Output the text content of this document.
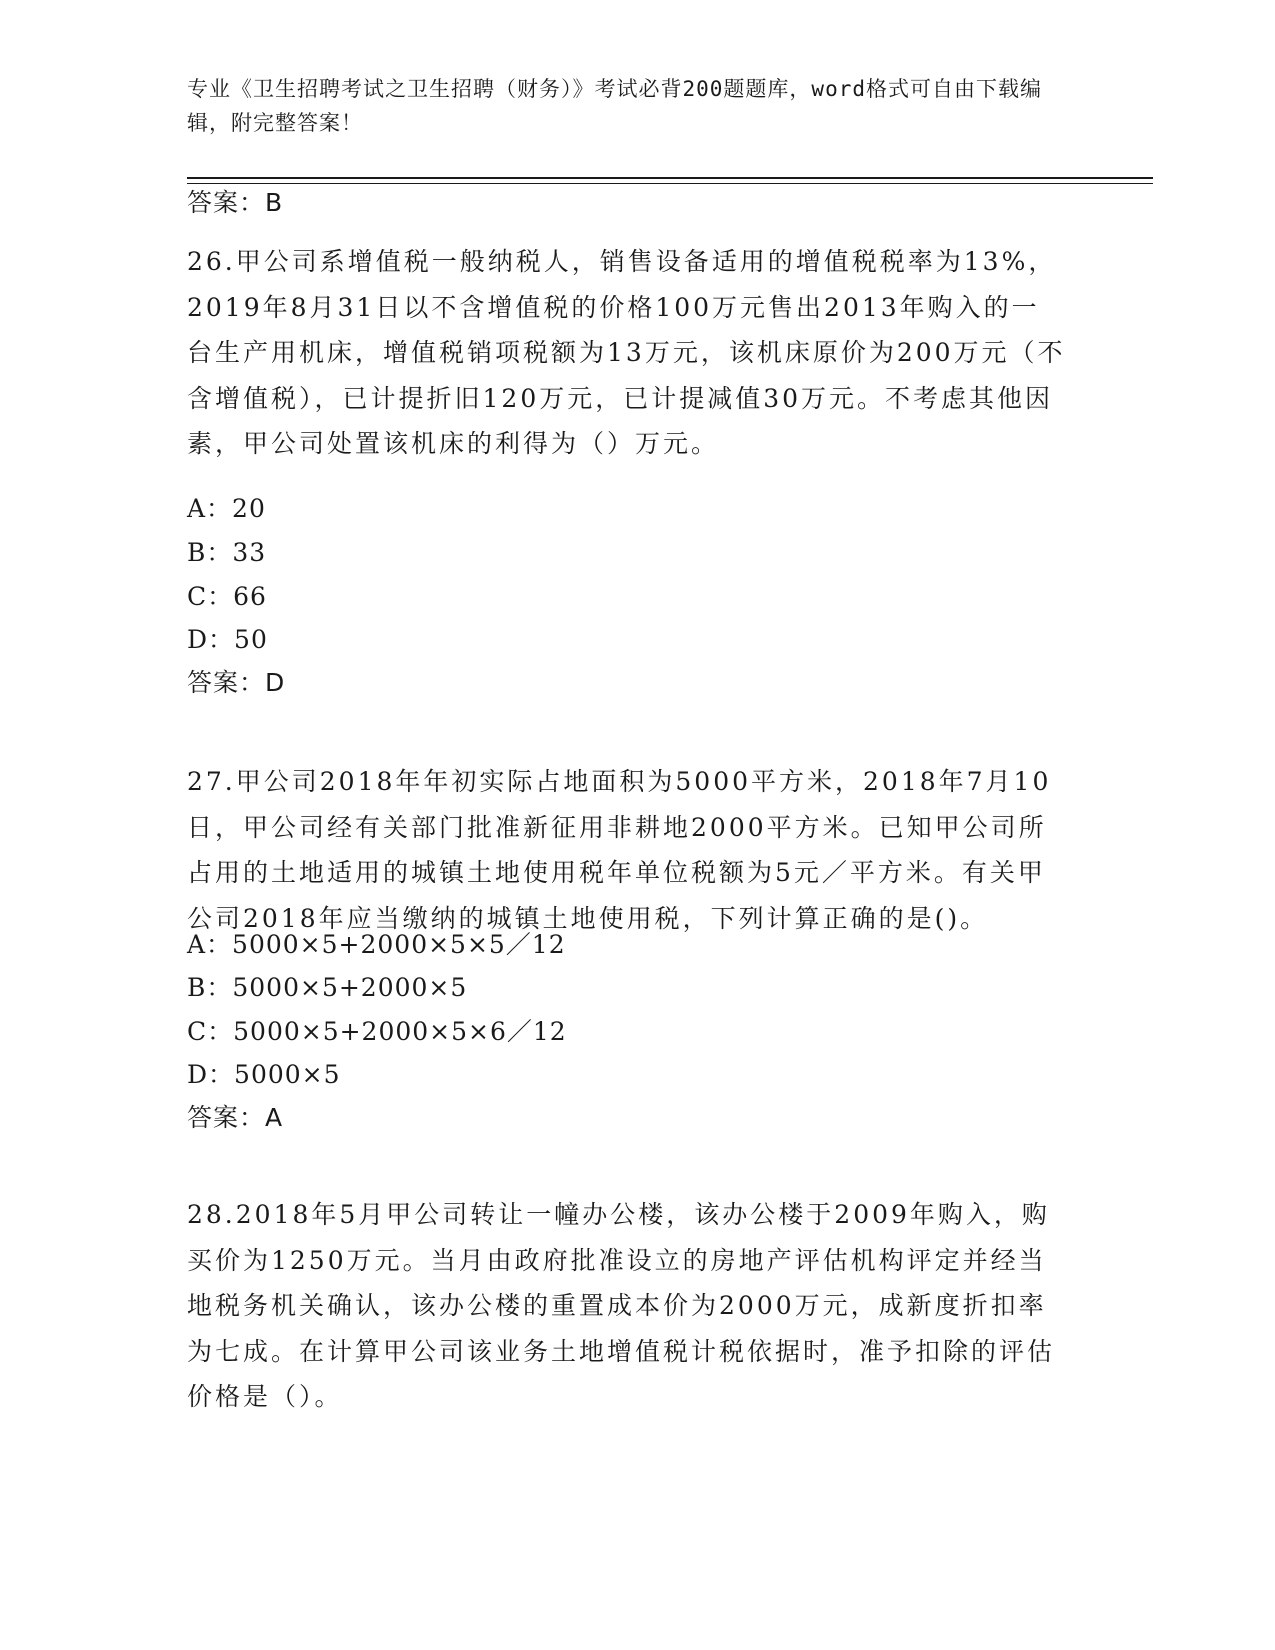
专业《卫生招聘考试之卫生招聘（财务）》考试必背200题题库，word格式可自由下载编辑，附完整答案！
答案：B
26.甲公司系增值税一般纳税人，销售设备适用的增值税税率为13%，2019年8月31日以不含增值税的价格100万元售出2013年购入的一台生产用机床，增值税销项税额为13万元，该机床原价为200万元（不含增值税），已计提折旧120万元，已计提减值30万元。不考虑其他因素，甲公司处置该机床的利得为（）万元。
A：20
B：33
C：66
D：50
答案：D
27.甲公司2018年年初实际占地面积为5000平方米，2018年7月10日，甲公司经有关部门批准新征用非耕地2000平方米。已知甲公司所占用的土地适用的城镇土地使用税年单位税额为5元／平方米。有关甲公司2018年应当缴纳的城镇土地使用税，下列计算正确的是()。
A：5000×5+2000×5×5／12
B：5000×5+2000×5
C：5000×5+2000×5×6／12
D：5000×5
答案：A
28.2018年5月甲公司转让一幢办公楼，该办公楼于2009年购入，购买价为1250万元。当月由政府批准设立的房地产评估机构评定并经当地税务机关确认，该办公楼的重置成本价为2000万元，成新度折扣率为七成。在计算甲公司该业务土地增值税计税依据时，准予扣除的评估价格是（）。
